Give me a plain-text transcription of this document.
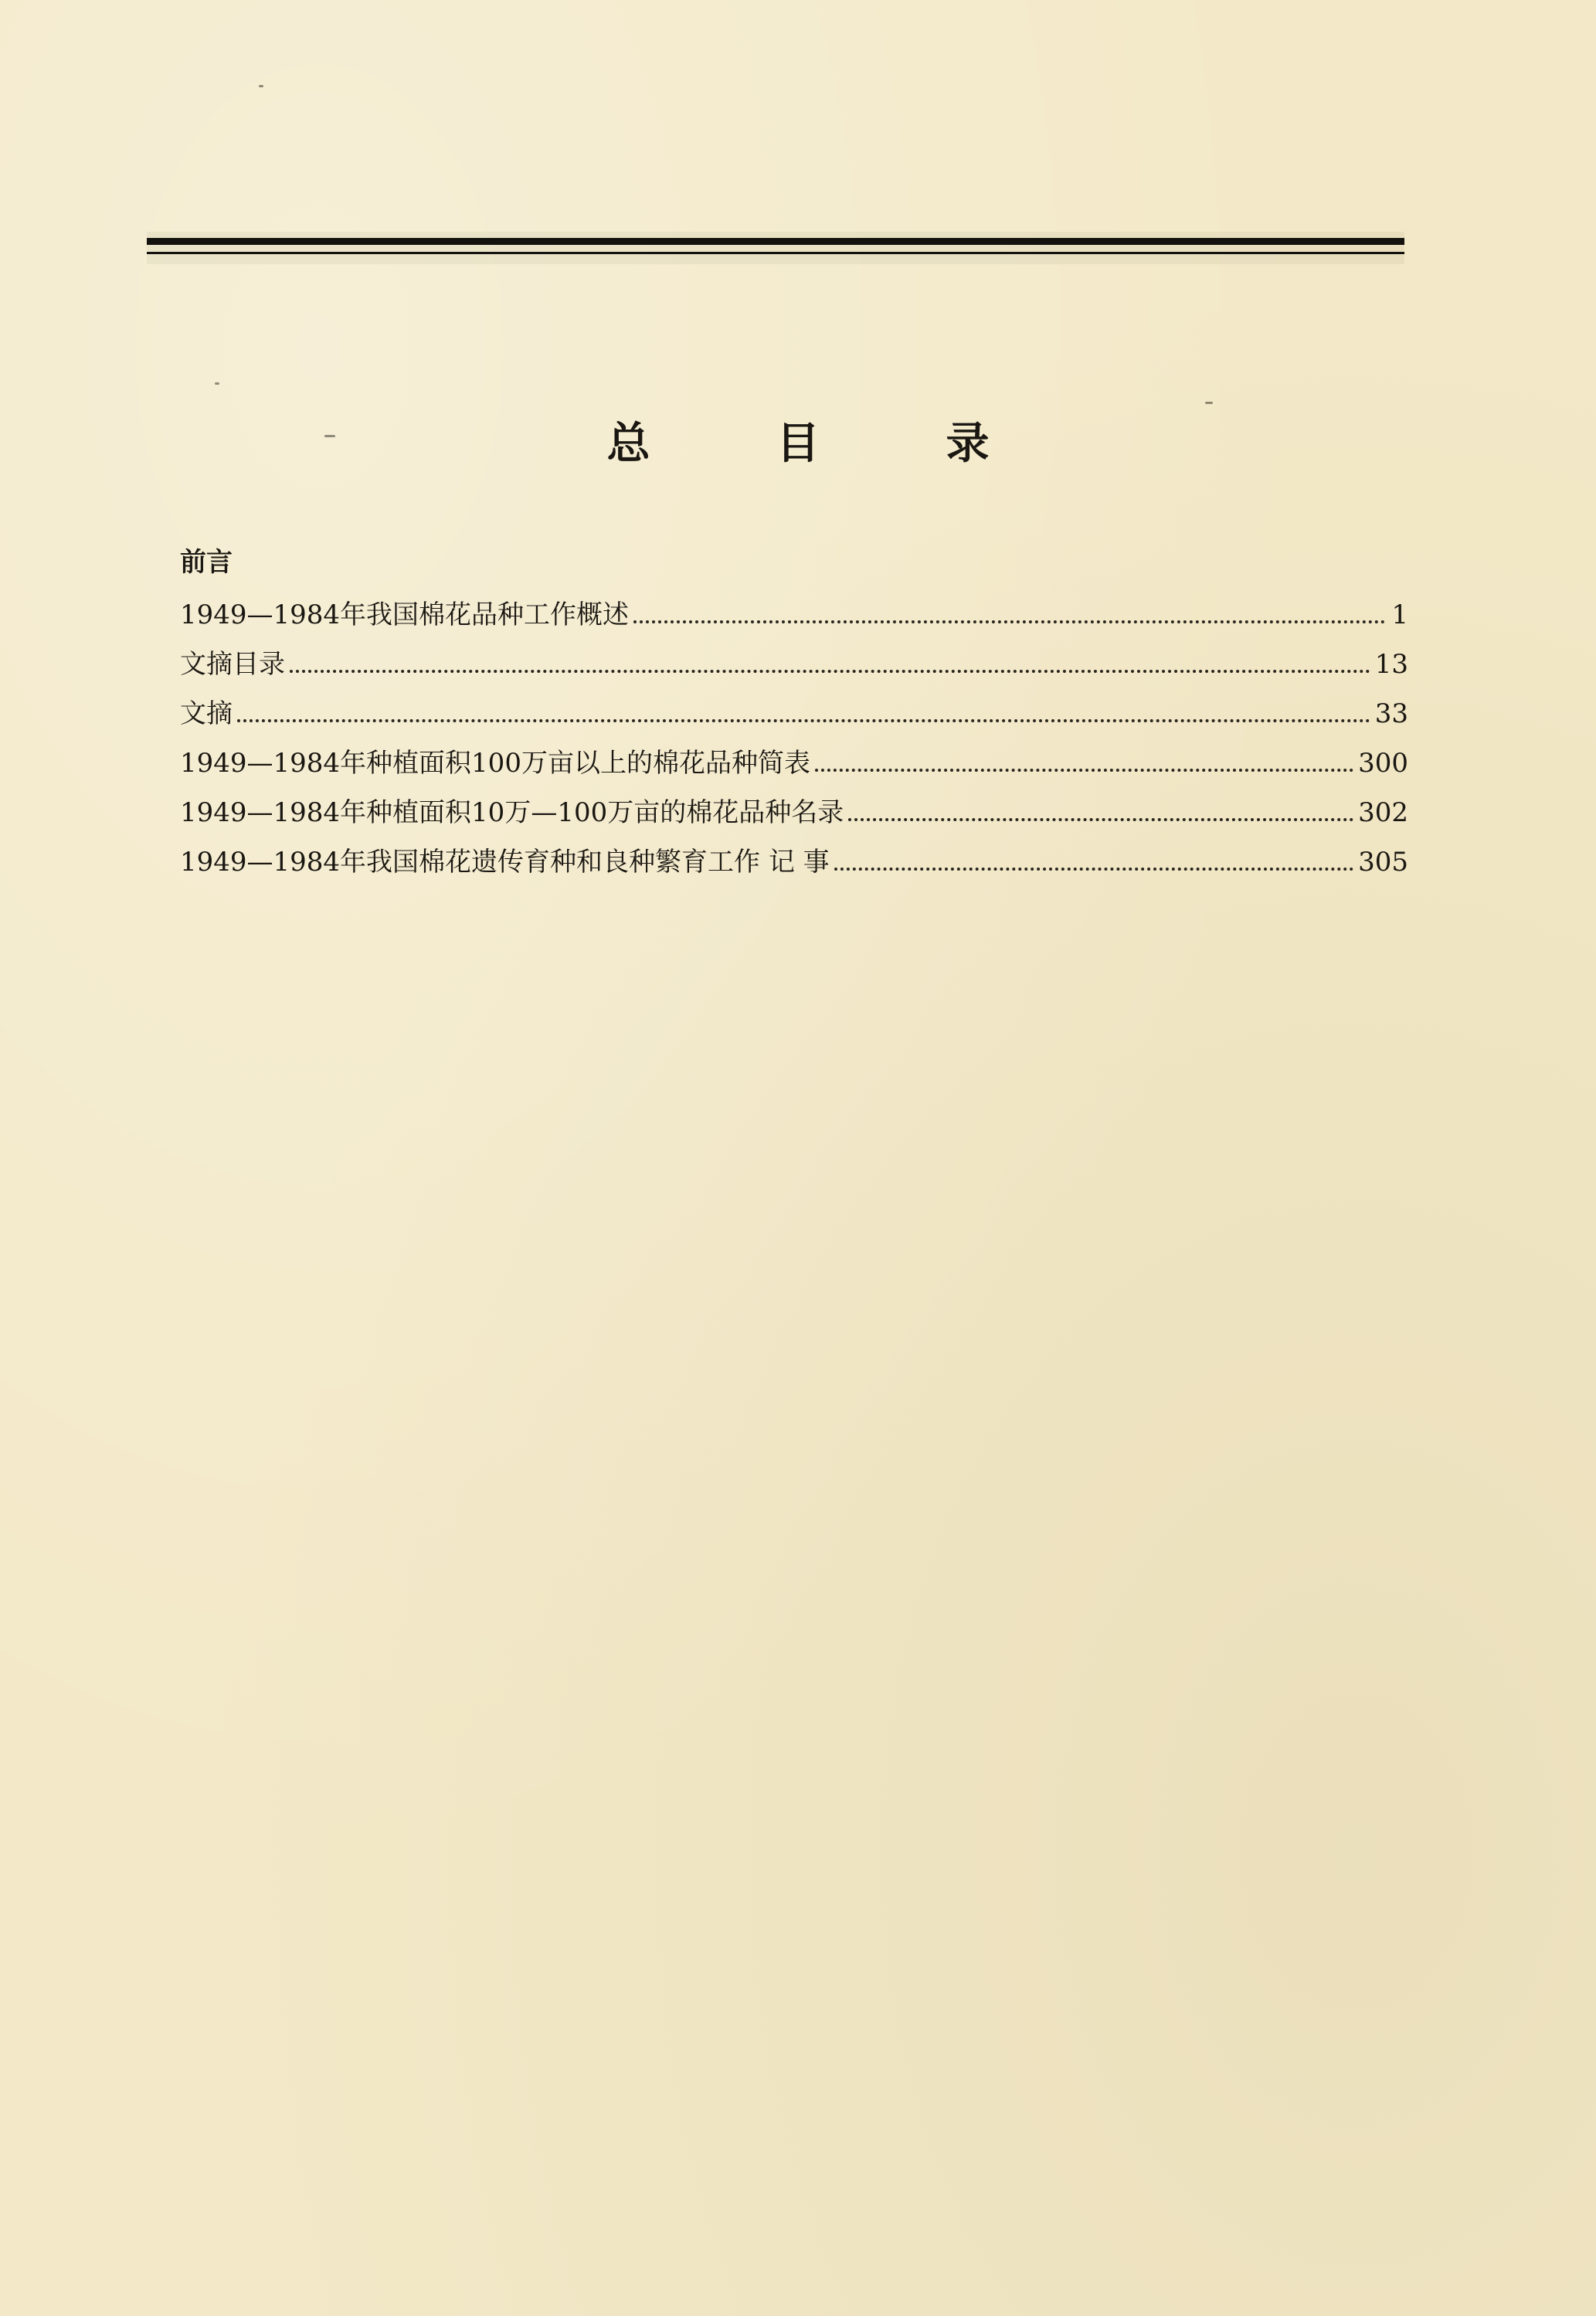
总 目 录
前言
1949—1984年我国棉花品种工作概述	1
文摘目录	13
文摘	33
1949—1984年种植面积100万亩以上的棉花品种简表	300
1949—1984年种植面积10万—100万亩的棉花品种名录	302
1949—1984年我国棉花遗传育种和良种繁育工作 记 事	305
